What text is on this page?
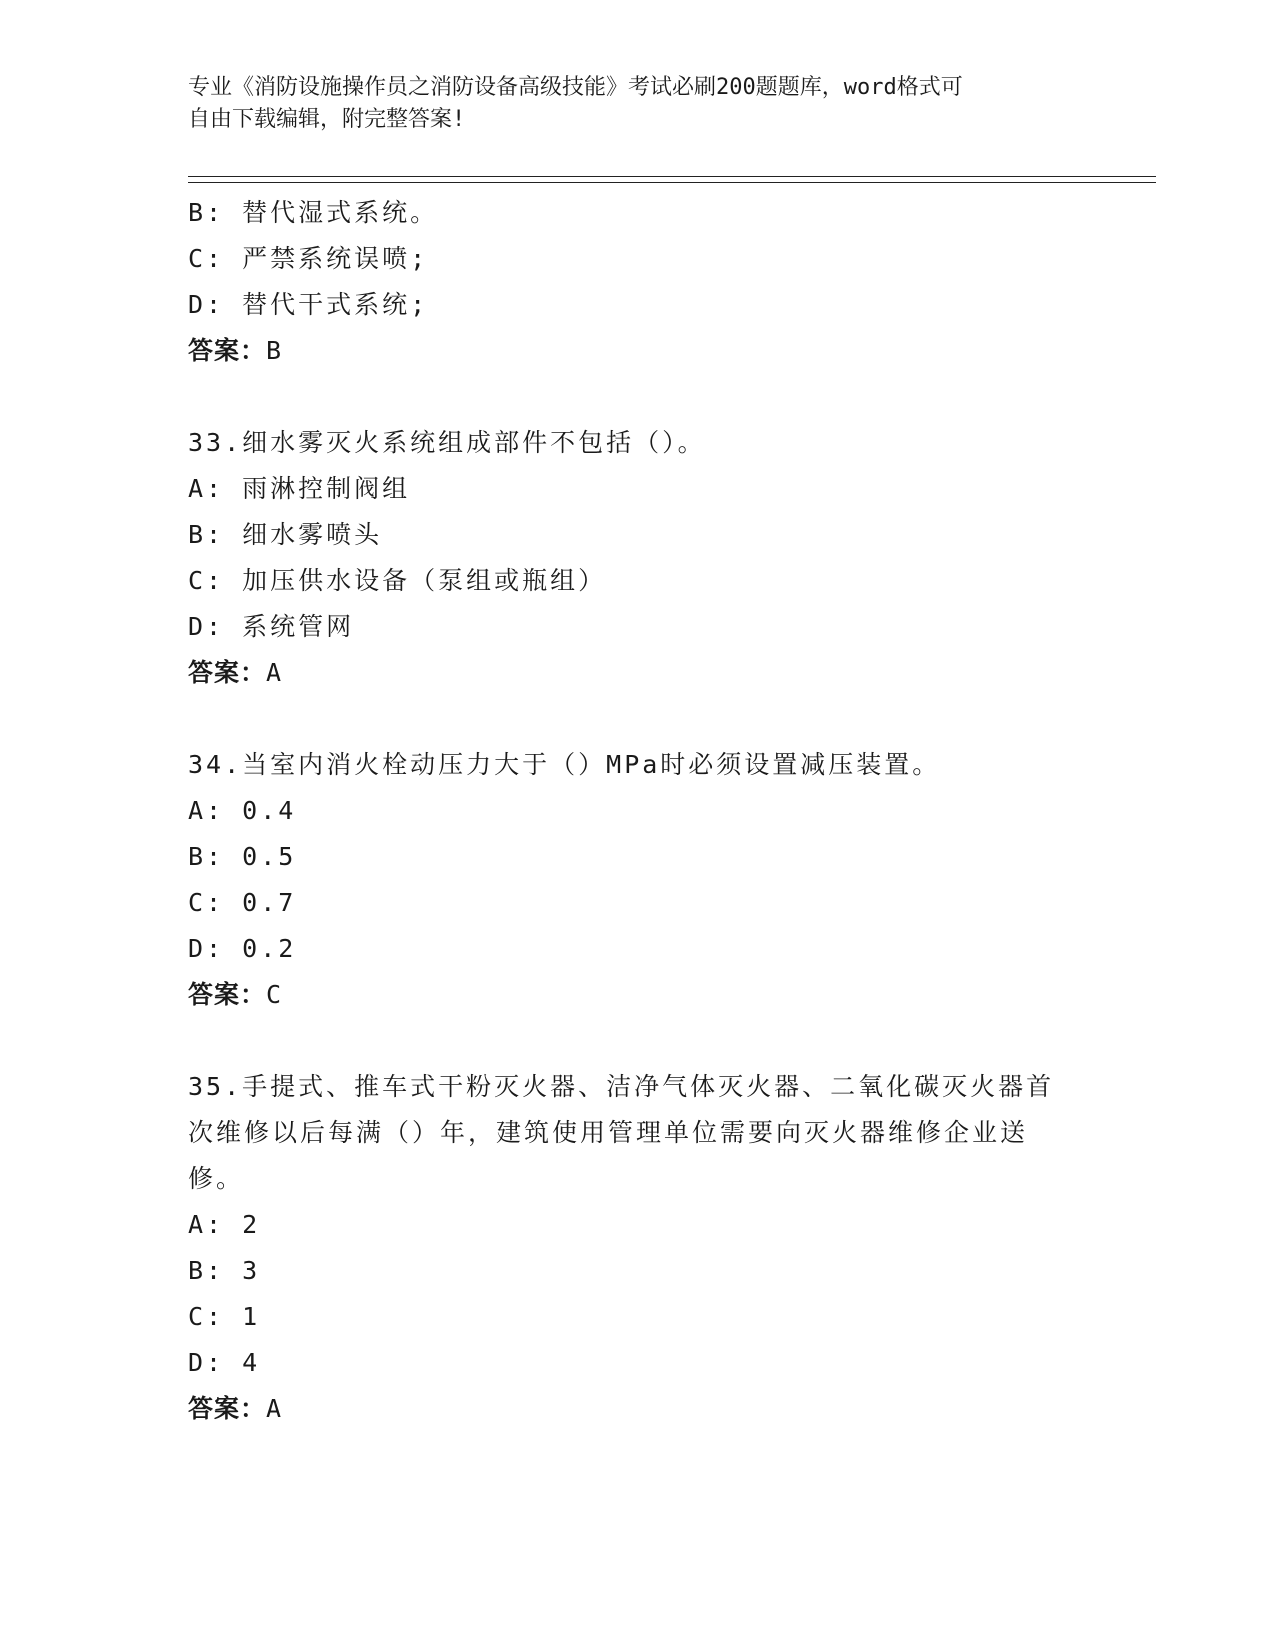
专业《消防设施操作员之消防设备高级技能》考试必刷200题题库，word格式可
自由下载编辑，附完整答案!
B: 替代湿式系统。
C: 严禁系统误喷;
D: 替代干式系统;
答案：B
33.细水雾灭火系统组成部件不包括（）。
A: 雨淋控制阀组
B: 细水雾喷头
C: 加压供水设备（泵组或瓶组）
D: 系统管网
答案：A
34.当室内消火栓动压力大于（）MPa时必须设置减压装置。
A: 0.4
B: 0.5
C: 0.7
D: 0.2
答案：C
35.手提式、推车式干粉灭火器、洁净气体灭火器、二氧化碳灭火器首
次维修以后每满（）年，建筑使用管理单位需要向灭火器维修企业送
修。
A: 2
B: 3
C: 1
D: 4
答案：A
